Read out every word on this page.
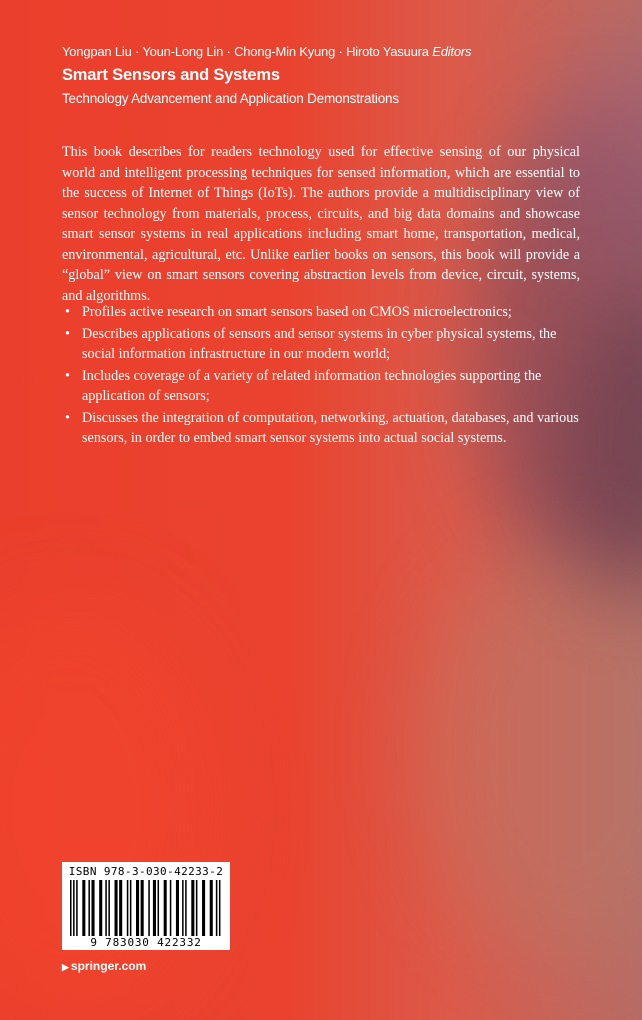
Yongpan Liu · Youn-Long Lin · Chong-Min Kyung · Hiroto Yasuura Editors
Smart Sensors and Systems
Technology Advancement and Application Demonstrations

This book describes for readers technology used for effective sensing of our physical world and intelligent processing techniques for sensed information, which are essential to the success of Internet of Things (IoTs). The authors provide a multidisciplinary view of sensor technology from materials, process, circuits, and big data domains and showcase smart sensor systems in real applications including smart home, transportation, medical, environmental, agricultural, etc. Unlike earlier books on sensors, this book will provide a “global” view on smart sensors covering abstraction levels from device, circuit, systems, and algorithms.

• Profiles active research on smart sensors based on CMOS microelectronics;
• Describes applications of sensors and sensor systems in cyber physical systems, the social information infrastructure in our modern world;
• Includes coverage of a variety of related information technologies supporting the application of sensors;
• Discusses the integration of computation, networking, actuation, databases, and various sensors, in order to embed smart sensor systems into actual social systems.
ISBN 978-3-030-42233-2
9 783030 422332
▶ springer.com
